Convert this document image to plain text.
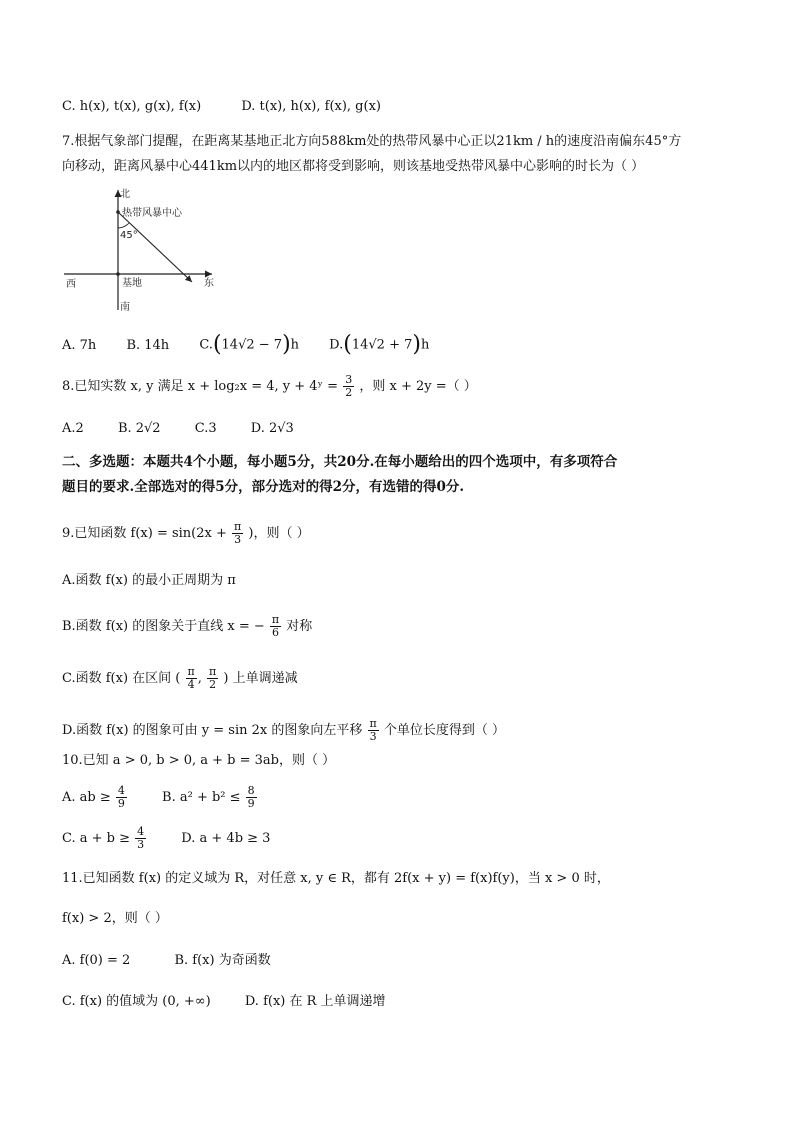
C. h(x), t(x), g(x), f(x)	D. t(x), h(x), f(x), g(x)
7.根据气象部门提醒，在距离某基地正北方向588km处的热带风暴中心正以21km / h的速度沿南偏东45°方
向移动，距离风暴中心441km以内的地区都将受到影响，则该基地受热带风暴中心影响的时长为（ ）
北
热带风暴中心
45°
西	基地	东
南
A. 7h B. 14h C.(14√2 − 7)h D.(14√2 + 7)h
8.已知实数 x, y 满足 x + log₂x = 4, y + 4ʸ = $\frac{3}{2}$ ，则 x + 2y =（ ）
A.2	B. 2√2	C.3	D. 2√3
二、多选题：本题共4个小题，每小题5分，共20分.在每小题给出的四个选项中，有多项符合
题目的要求.全部选对的得5分，部分选对的得2分，有选错的得0分.
9.已知函数 $f(x) = \sin(2x + \frac{\pi}{3}$ )，则（ ）
A.函数 f(x) 的最小正周期为 π
B.函数 f(x) 的图象关于直线 x = − $\frac{\pi}{6}$ 对称
C.函数 f(x) 在区间 ( $\frac{\pi}{4}$ , $\frac{\pi}{2}$ ) 上单调递减
D.函数 f(x) 的图象可由 y = sin 2x 的图象向左平移 $\frac{\pi}{3}$ 个单位长度得到（ ）
10.已知 a > 0, b > 0, a + b = 3ab，则（ ）
A. ab ≥ $\frac{4}{9}$	B. $a^2 + b^2 \le \frac{8}{9}$
C. $a + b \ge \frac{4}{3}$	D. a + 4b ≥ 3
11.已知函数 f(x) 的定义域为 R，对任意 x, y ∈ R，都有 2f(x + y) = f(x)f(y)，当 x > 0 时，
f(x) > 2，则（ ）
A. f(0) = 2	B. f(x) 为奇函数
C. f(x) 的值域为 (0, +∞)	D. f(x) 在 R 上单调递增
